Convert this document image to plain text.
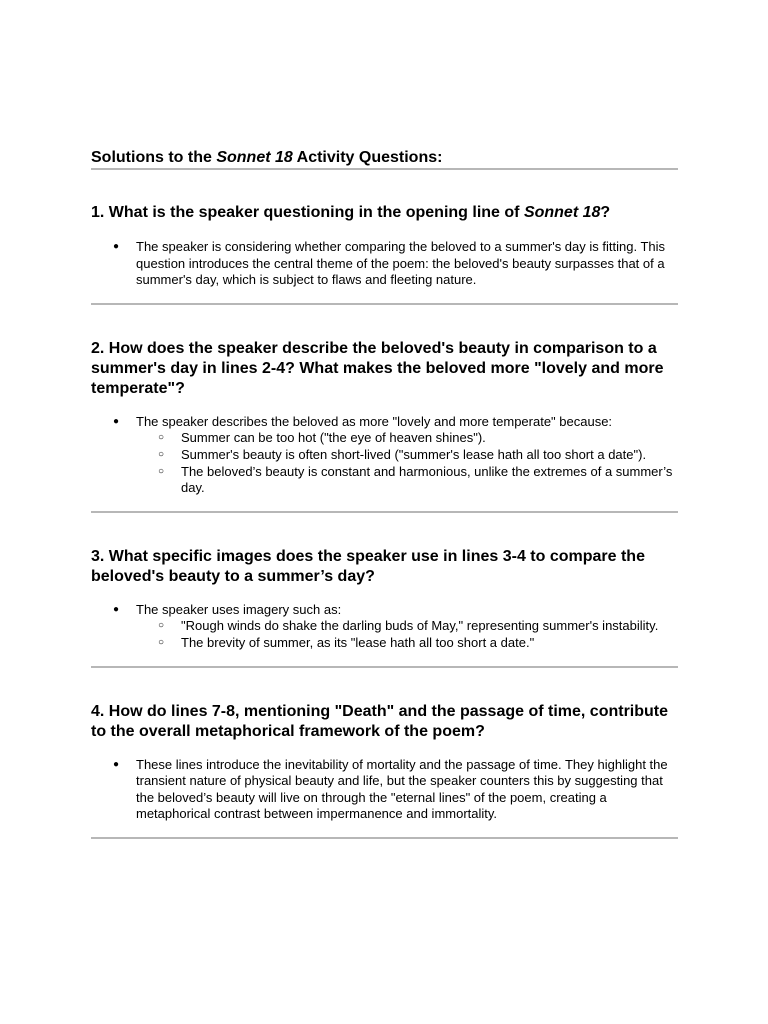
Solutions to the Sonnet 18 Activity Questions:
1. What is the speaker questioning in the opening line of Sonnet 18?
● The speaker is considering whether comparing the beloved to a summer's day is fitting. This question introduces the central theme of the poem: the beloved's beauty surpasses that of a summer's day, which is subject to flaws and fleeting nature.
2. How does the speaker describe the beloved's beauty in comparison to a summer's day in lines 2-4? What makes the beloved more "lovely and more temperate"?
● The speaker describes the beloved as more "lovely and more temperate" because:
○ Summer can be too hot ("the eye of heaven shines").
○ Summer's beauty is often short-lived ("summer's lease hath all too short a date").
○ The beloved’s beauty is constant and harmonious, unlike the extremes of a summer’s day.
3. What specific images does the speaker use in lines 3-4 to compare the beloved's beauty to a summer’s day?
● The speaker uses imagery such as:
○ "Rough winds do shake the darling buds of May," representing summer's instability.
○ The brevity of summer, as its "lease hath all too short a date."
4. How do lines 7-8, mentioning "Death" and the passage of time, contribute to the overall metaphorical framework of the poem?
● These lines introduce the inevitability of mortality and the passage of time. They highlight the transient nature of physical beauty and life, but the speaker counters this by suggesting that the beloved’s beauty will live on through the "eternal lines" of the poem, creating a metaphorical contrast between impermanence and immortality.
